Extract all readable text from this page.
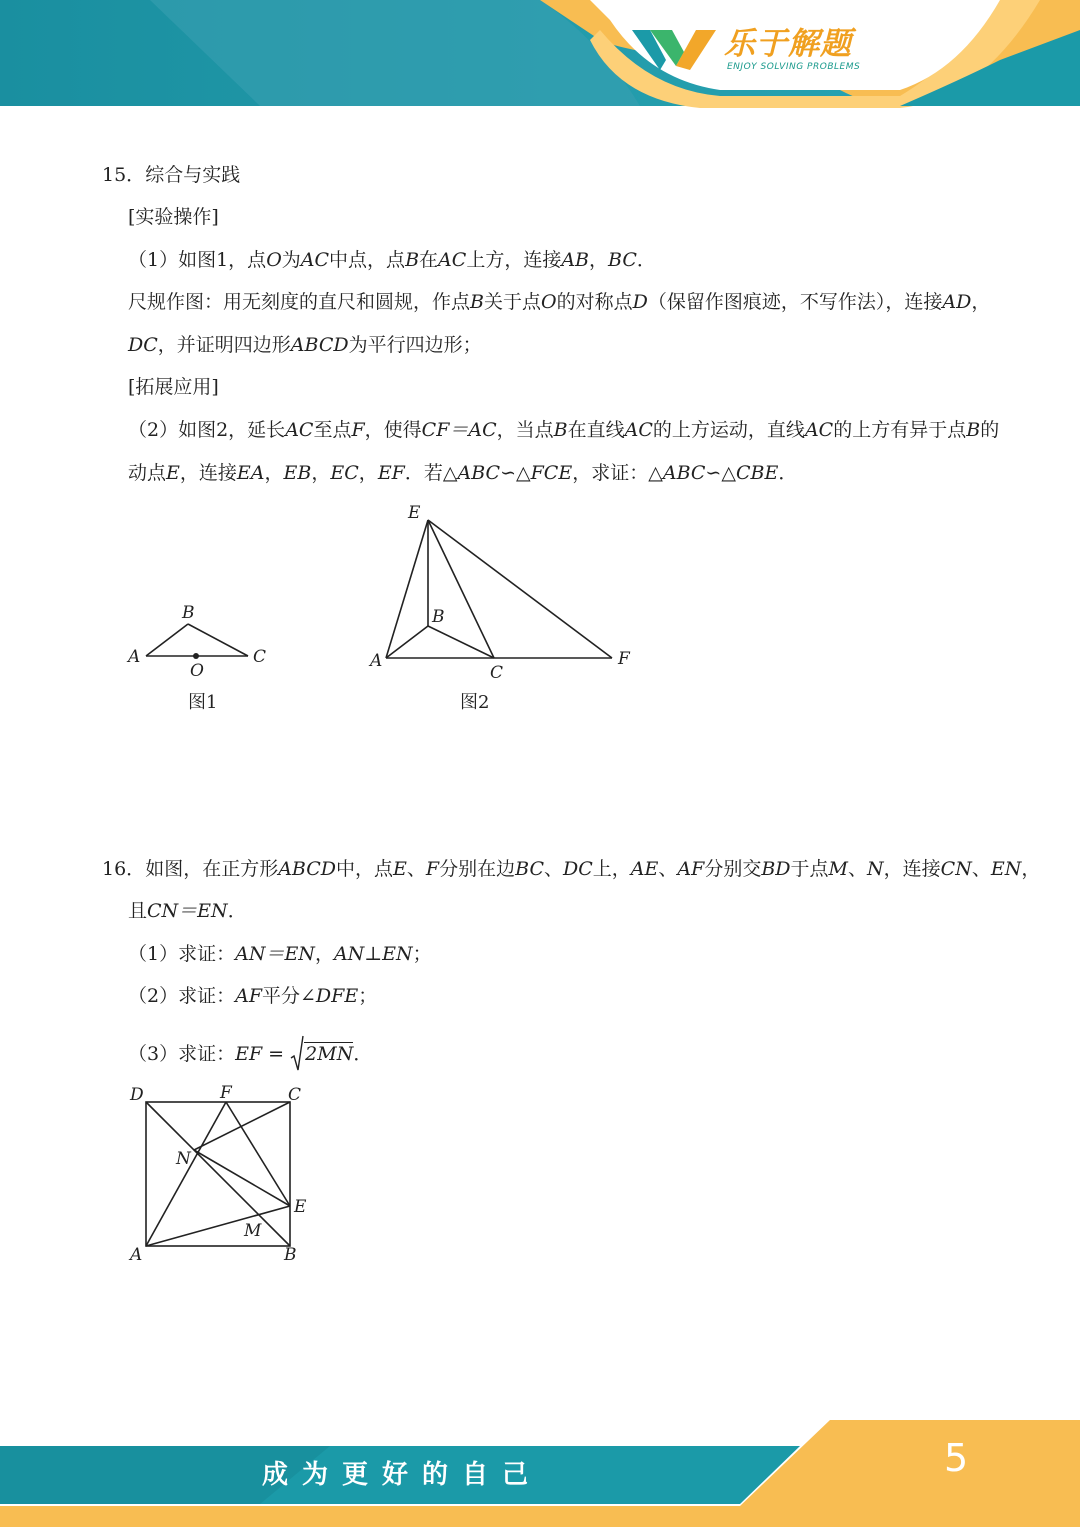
乐于解题
ENJOY SOLVING PROBLEMS
15．综合与实践
[实验操作]
（1）如图1，点O为AC中点，点B在AC上方，连接AB，BC．
尺规作图：用无刻度的直尺和圆规，作点B关于点O的对称点D（保留作图痕迹，不写作法），连接AD，
DC，并证明四边形ABCD为平行四边形；
[拓展应用]
（2）如图2，延长AC至点F，使得CF＝AC，当点B在直线AC的上方运动，直线AC的上方有异于点B的
动点E，连接EA，EB，EC，EF．若△ABC∽△FCE，求证：△ABC∽△CBE．
A
B
C
O
图1
E
B
A
C
F
图2
16．如图，在正方形ABCD中，点E、F分别在边BC、DC上，AE、AF分别交BD于点M、N，连接CN、EN，
且CN＝EN．
（1）求证：AN＝EN，AN⊥EN；
（2）求证：AF平分∠DFE；
（3）求证：EF = 2MN．
D	F	C
N
E
M
A	B
成为更好的自己	5
